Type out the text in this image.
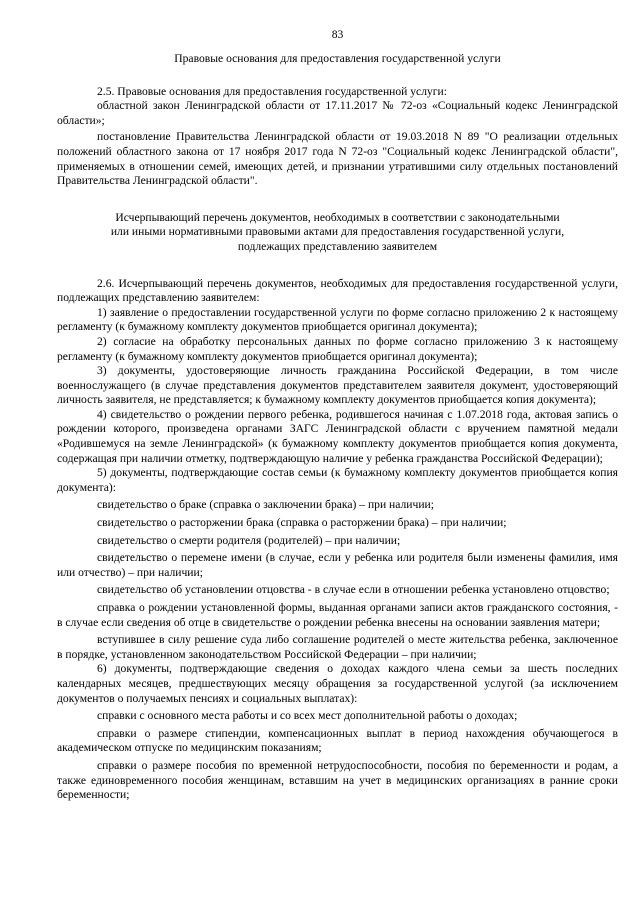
83
Правовые основания для предоставления государственной услуги

2.5. Правовые основания для предоставления государственной услуги:

областной закон Ленинградской области от 17.11.2017 № 72-оз «Социальный кодекс Ленинградской области»;

постановление Правительства Ленинградской области от 19.03.2018 N 89 "О реализации отдельных положений областного закона от 17 ноября 2017 года N 72-оз "Социальный кодекс Ленинградской области", применяемых в отношении семей, имеющих детей, и признании утратившими силу отдельных постановлений Правительства Ленинградской области".

Исчерпывающий перечень документов, необходимых в соответствии с законодательными
или иными нормативными правовыми актами для предоставления государственной услуги,
подлежащих представлению заявителем

2.6. Исчерпывающий перечень документов, необходимых для предоставления государственной услуги, подлежащих представлению заявителем:

1) заявление о предоставлении государственной услуги по форме согласно приложению 2 к настоящему регламенту (к бумажному комплекту документов приобщается оригинал документа);

2) согласие на обработку персональных данных по форме согласно приложению 3 к настоящему регламенту (к бумажному комплекту документов приобщается оригинал документа);

3) документы, удостоверяющие личность гражданина Российской Федерации, в том числе военнослужащего (в случае представления документов представителем заявителя документ, удостоверяющий личность заявителя, не представляется; к бумажному комплекту документов приобщается копия документа);

4) свидетельство о рождении первого ребенка, родившегося начиная с 1.07.2018 года, актовая запись о рождении которого, произведена органами ЗАГС Ленинградской области с вручением памятной медали «Родившемуся на земле Ленинградской» (к бумажному комплекту документов приобщается копия документа, содержащая при наличии отметку, подтверждающую наличие у ребенка гражданства Российской Федерации);

5) документы, подтверждающие состав семьи (к бумажному комплекту документов приобщается копия документа):

свидетельство о браке (справка о заключении брака) – при наличии;

свидетельство о расторжении брака (справка о расторжении брака) – при наличии;

свидетельство о смерти родителя (родителей) – при наличии;

свидетельство о перемене имени (в случае, если у ребенка или родителя были изменены фамилия, имя или отчество) – при наличии;

свидетельство об установлении отцовства - в случае если в отношении ребенка установлено отцовство;

справка о рождении установленной формы, выданная органами записи актов гражданского состояния, - в случае если сведения об отце в свидетельстве о рождении ребенка внесены на основании заявления матери;

вступившее в силу решение суда либо соглашение родителей о месте жительства ребенка, заключенное в порядке, установленном законодательством Российской Федерации – при наличии;

6) документы, подтверждающие сведения о доходах каждого члена семьи за шесть последних календарных месяцев, предшествующих месяцу обращения за государственной услугой (за исключением документов о получаемых пенсиях и социальных выплатах):

справки с основного места работы и со всех мест дополнительной работы о доходах;

справки о размере стипендии, компенсационных выплат в период нахождения обучающегося в академическом отпуске по медицинским показаниям;

справки о размере пособия по временной нетрудоспособности, пособия по беременности и родам, а также единовременного пособия женщинам, вставшим на учет в медицинских организациях в ранние сроки беременности;
